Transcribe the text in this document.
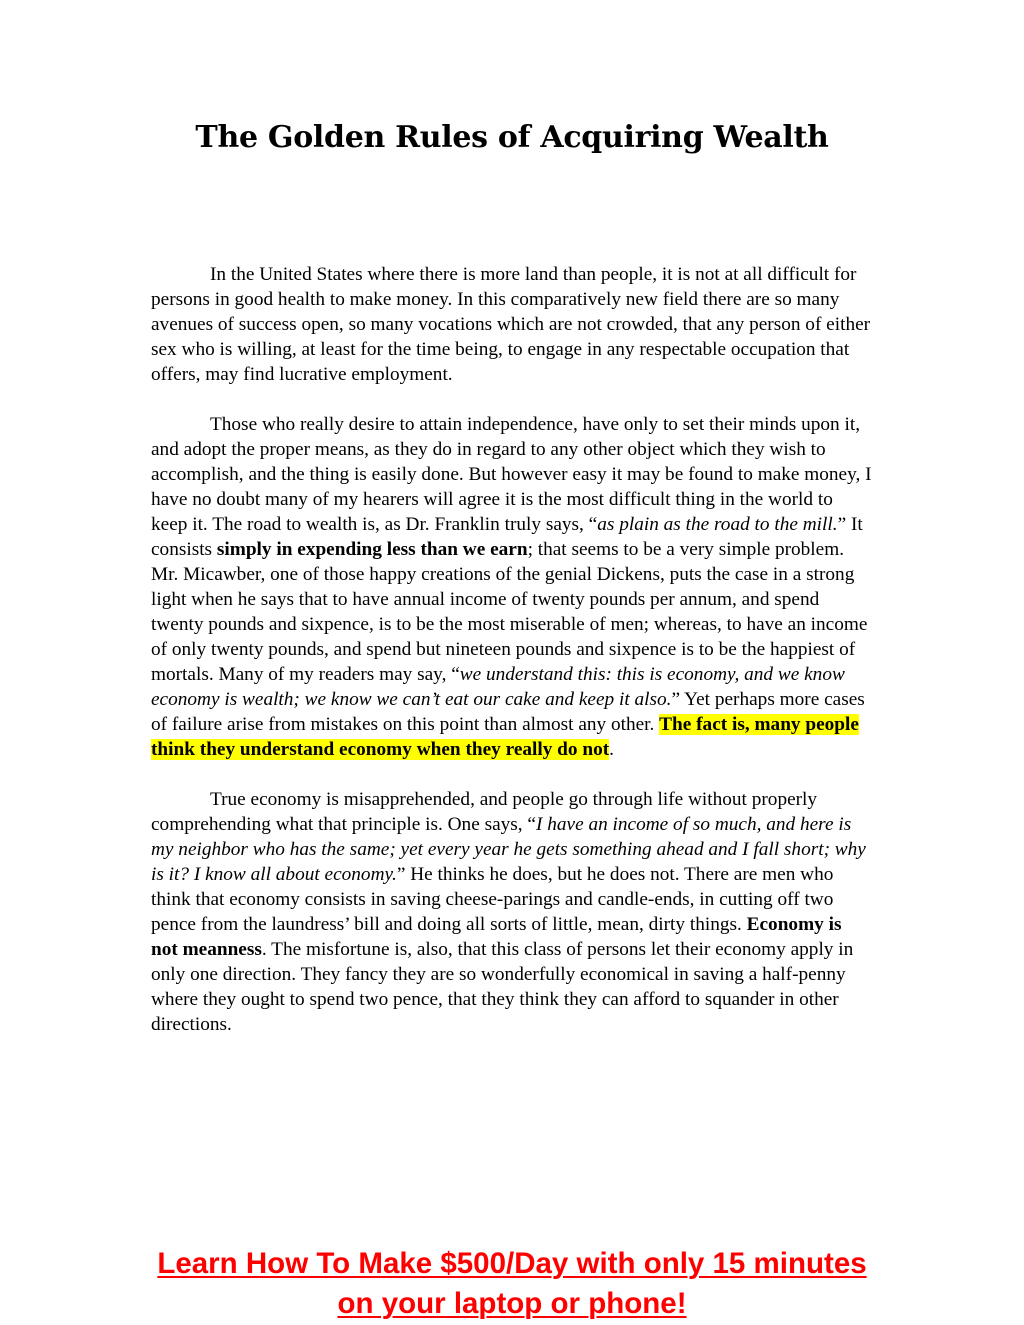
The Golden Rules of Acquiring Wealth

In the United States where there is more land than people, it is not at all difficult for persons in good health to make money. In this comparatively new field there are so many avenues of success open, so many vocations which are not crowded, that any person of either sex who is willing, at least for the time being, to engage in any respectable occupation that offers, may find lucrative employment.

Those who really desire to attain independence, have only to set their minds upon it, and adopt the proper means, as they do in regard to any other object which they wish to accomplish, and the thing is easily done. But however easy it may be found to make money, I have no doubt many of my hearers will agree it is the most difficult thing in the world to keep it. The road to wealth is, as Dr. Franklin truly says, “as plain as the road to the mill.” It consists simply in expending less than we earn; that seems to be a very simple problem. Mr. Micawber, one of those happy creations of the genial Dickens, puts the case in a strong light when he says that to have annual income of twenty pounds per annum, and spend twenty pounds and sixpence, is to be the most miserable of men; whereas, to have an income of only twenty pounds, and spend but nineteen pounds and sixpence is to be the happiest of mortals. Many of my readers may say, “we understand this: this is economy, and we know economy is wealth; we know we can’t eat our cake and keep it also.” Yet perhaps more cases of failure arise from mistakes on this point than almost any other. The fact is, many people think they understand economy when they really do not.

True economy is misapprehended, and people go through life without properly comprehending what that principle is. One says, “I have an income of so much, and here is my neighbor who has the same; yet every year he gets something ahead and I fall short; why is it? I know all about economy.” He thinks he does, but he does not. There are men who think that economy consists in saving cheese-parings and candle-ends, in cutting off two pence from the laundress’ bill and doing all sorts of little, mean, dirty things. Economy is not meanness. The misfortune is, also, that this class of persons let their economy apply in only one direction. They fancy they are so wonderfully economical in saving a half-penny where they ought to spend two pence, that they think they can afford to squander in other directions.

Learn How To Make $500/Day with only 15 minutes
on your laptop or phone!
